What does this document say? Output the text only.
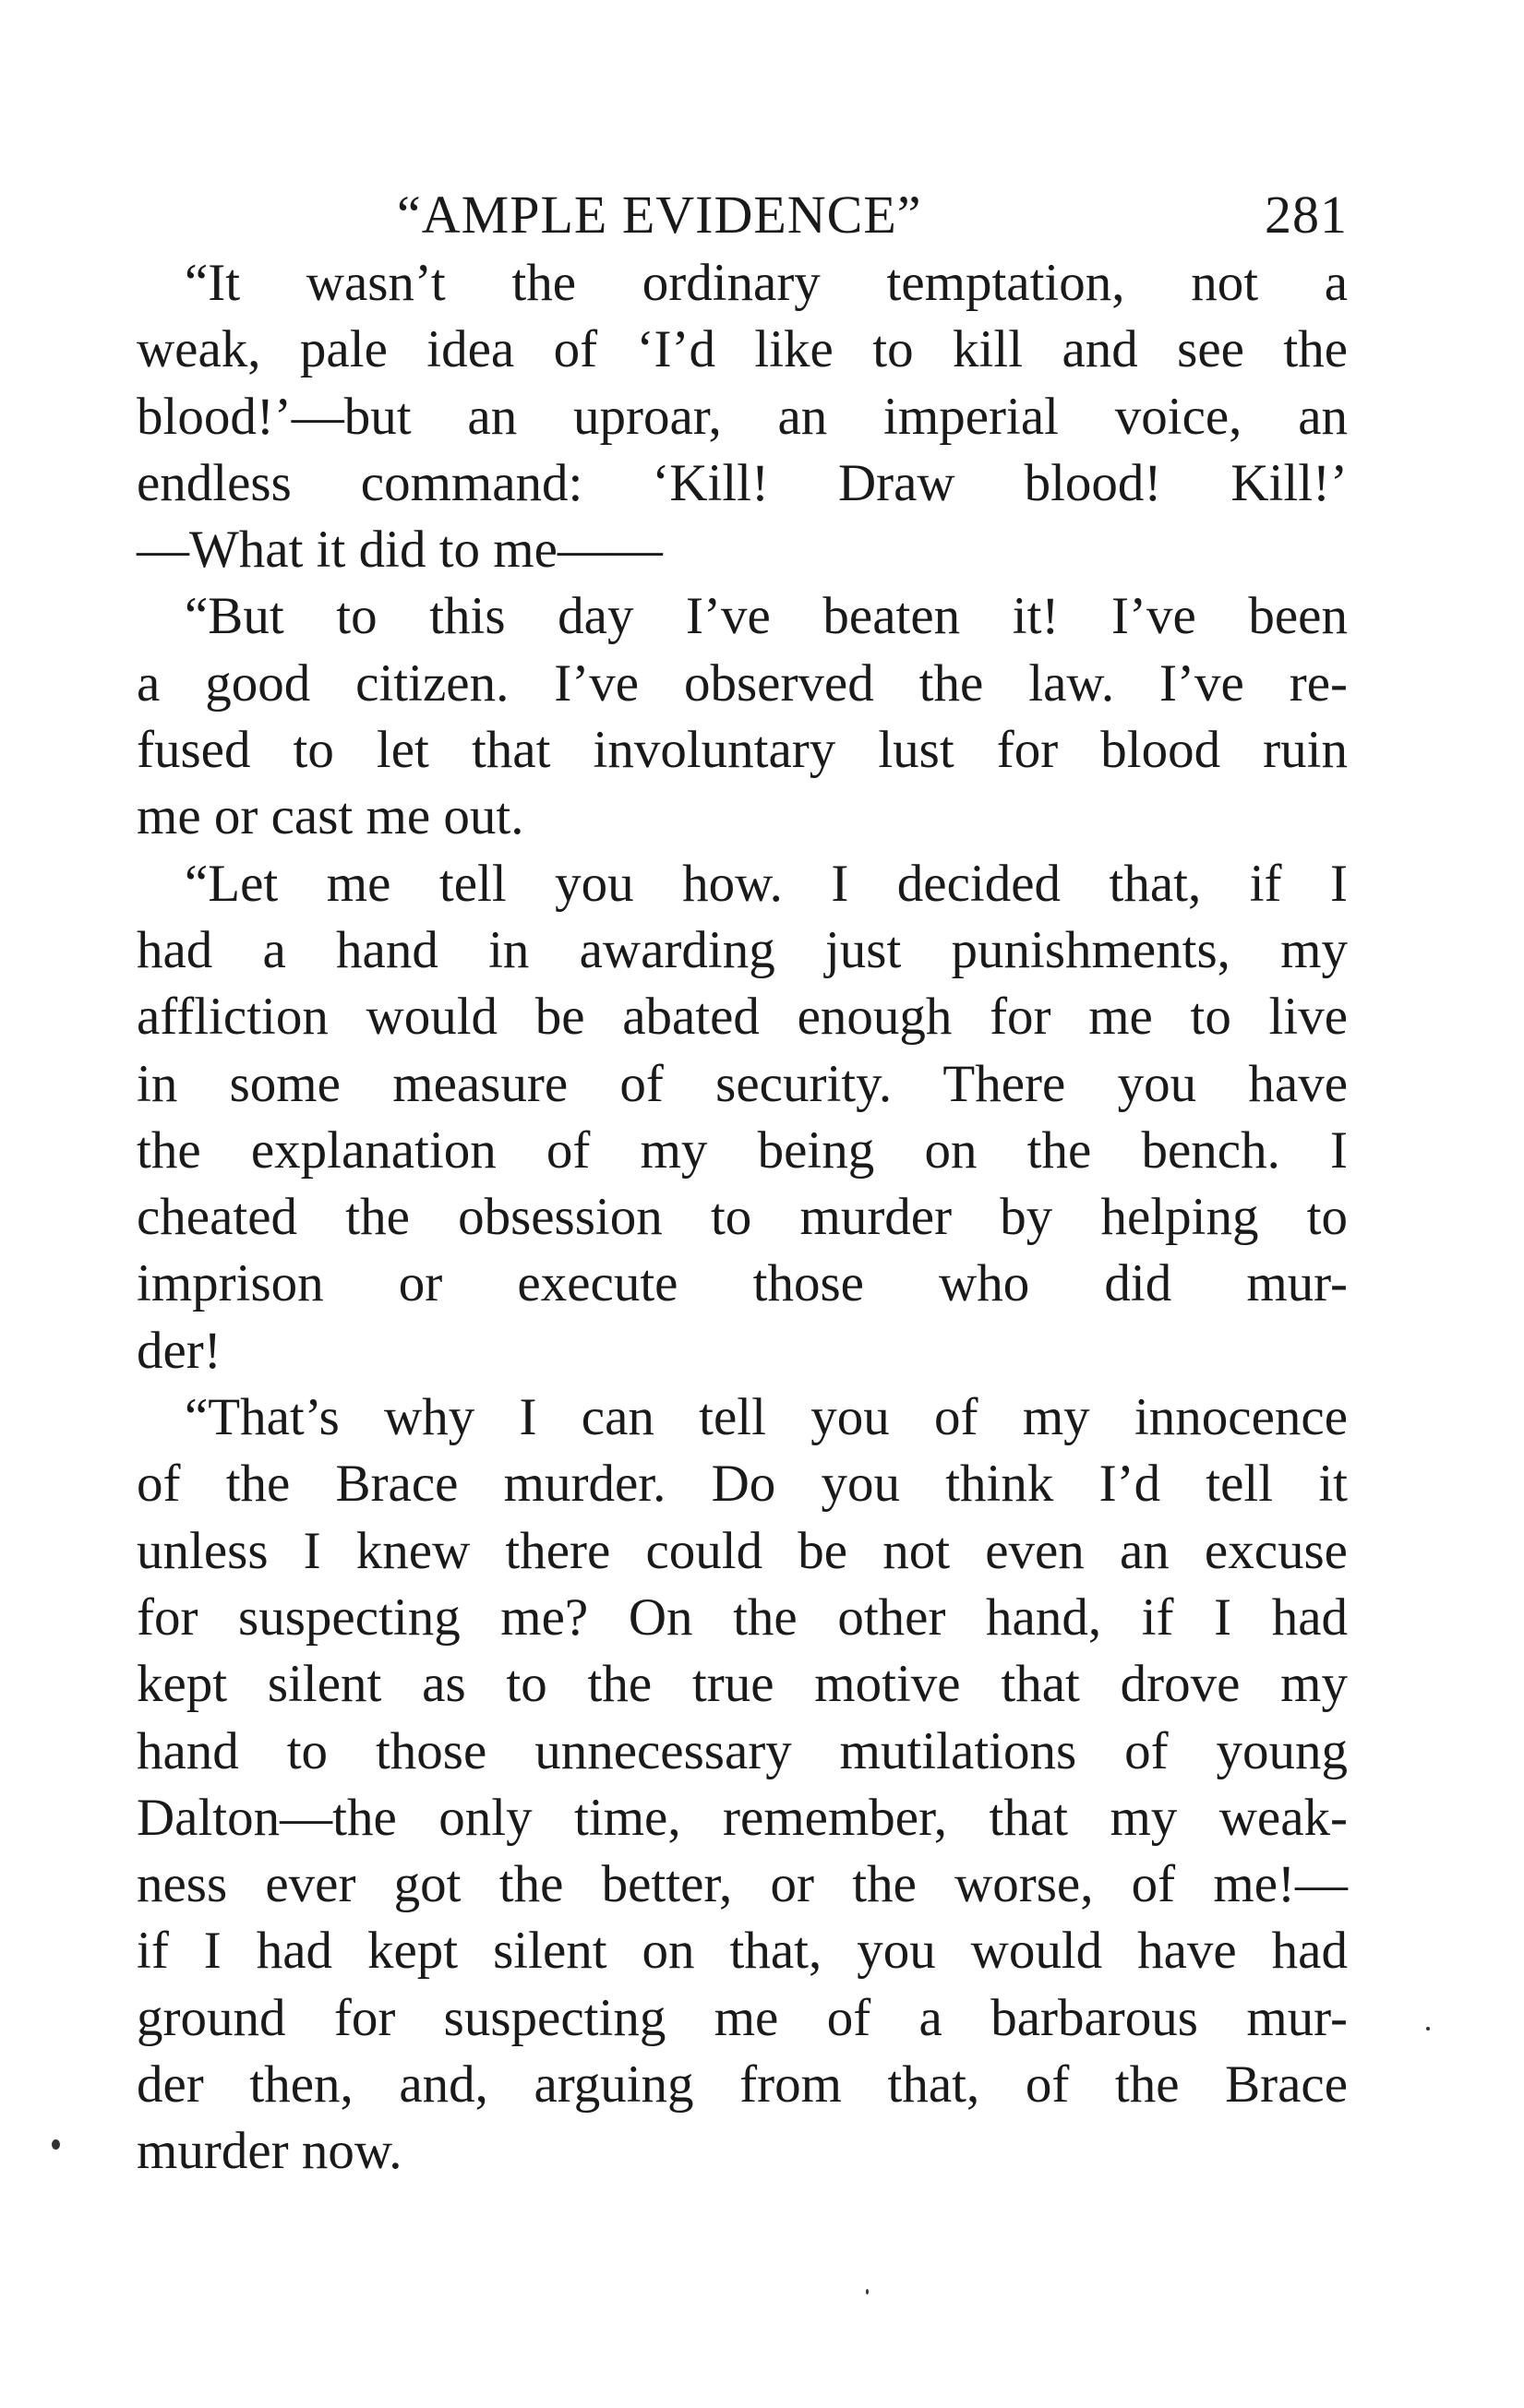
“AMPLE EVIDENCE”	281
“It wasn’t the ordinary temptation, not a
weak, pale idea of ‘I’d like to kill and see the
blood!’—but an uproar, an imperial voice, an
endless command: ‘Kill! Draw blood! Kill!’
—What it did to me——
“But to this day I’ve beaten it! I’ve been
a good citizen. I’ve observed the law. I’ve re-
fused to let that involuntary lust for blood ruin
me or cast me out.
“Let me tell you how. I decided that, if I
had a hand in awarding just punishments, my
affliction would be abated enough for me to live
in some measure of security. There you have
the explanation of my being on the bench. I
cheated the obsession to murder by helping to
imprison or execute those who did mur-
der!
“That’s why I can tell you of my innocence
of the Brace murder. Do you think I’d tell it
unless I knew there could be not even an excuse
for suspecting me? On the other hand, if I had
kept silent as to the true motive that drove my
hand to those unnecessary mutilations of young
Dalton—the only time, remember, that my weak-
ness ever got the better, or the worse, of me!—
if I had kept silent on that, you would have had
ground for suspecting me of a barbarous mur-
der then, and, arguing from that, of the Brace
murder now.
